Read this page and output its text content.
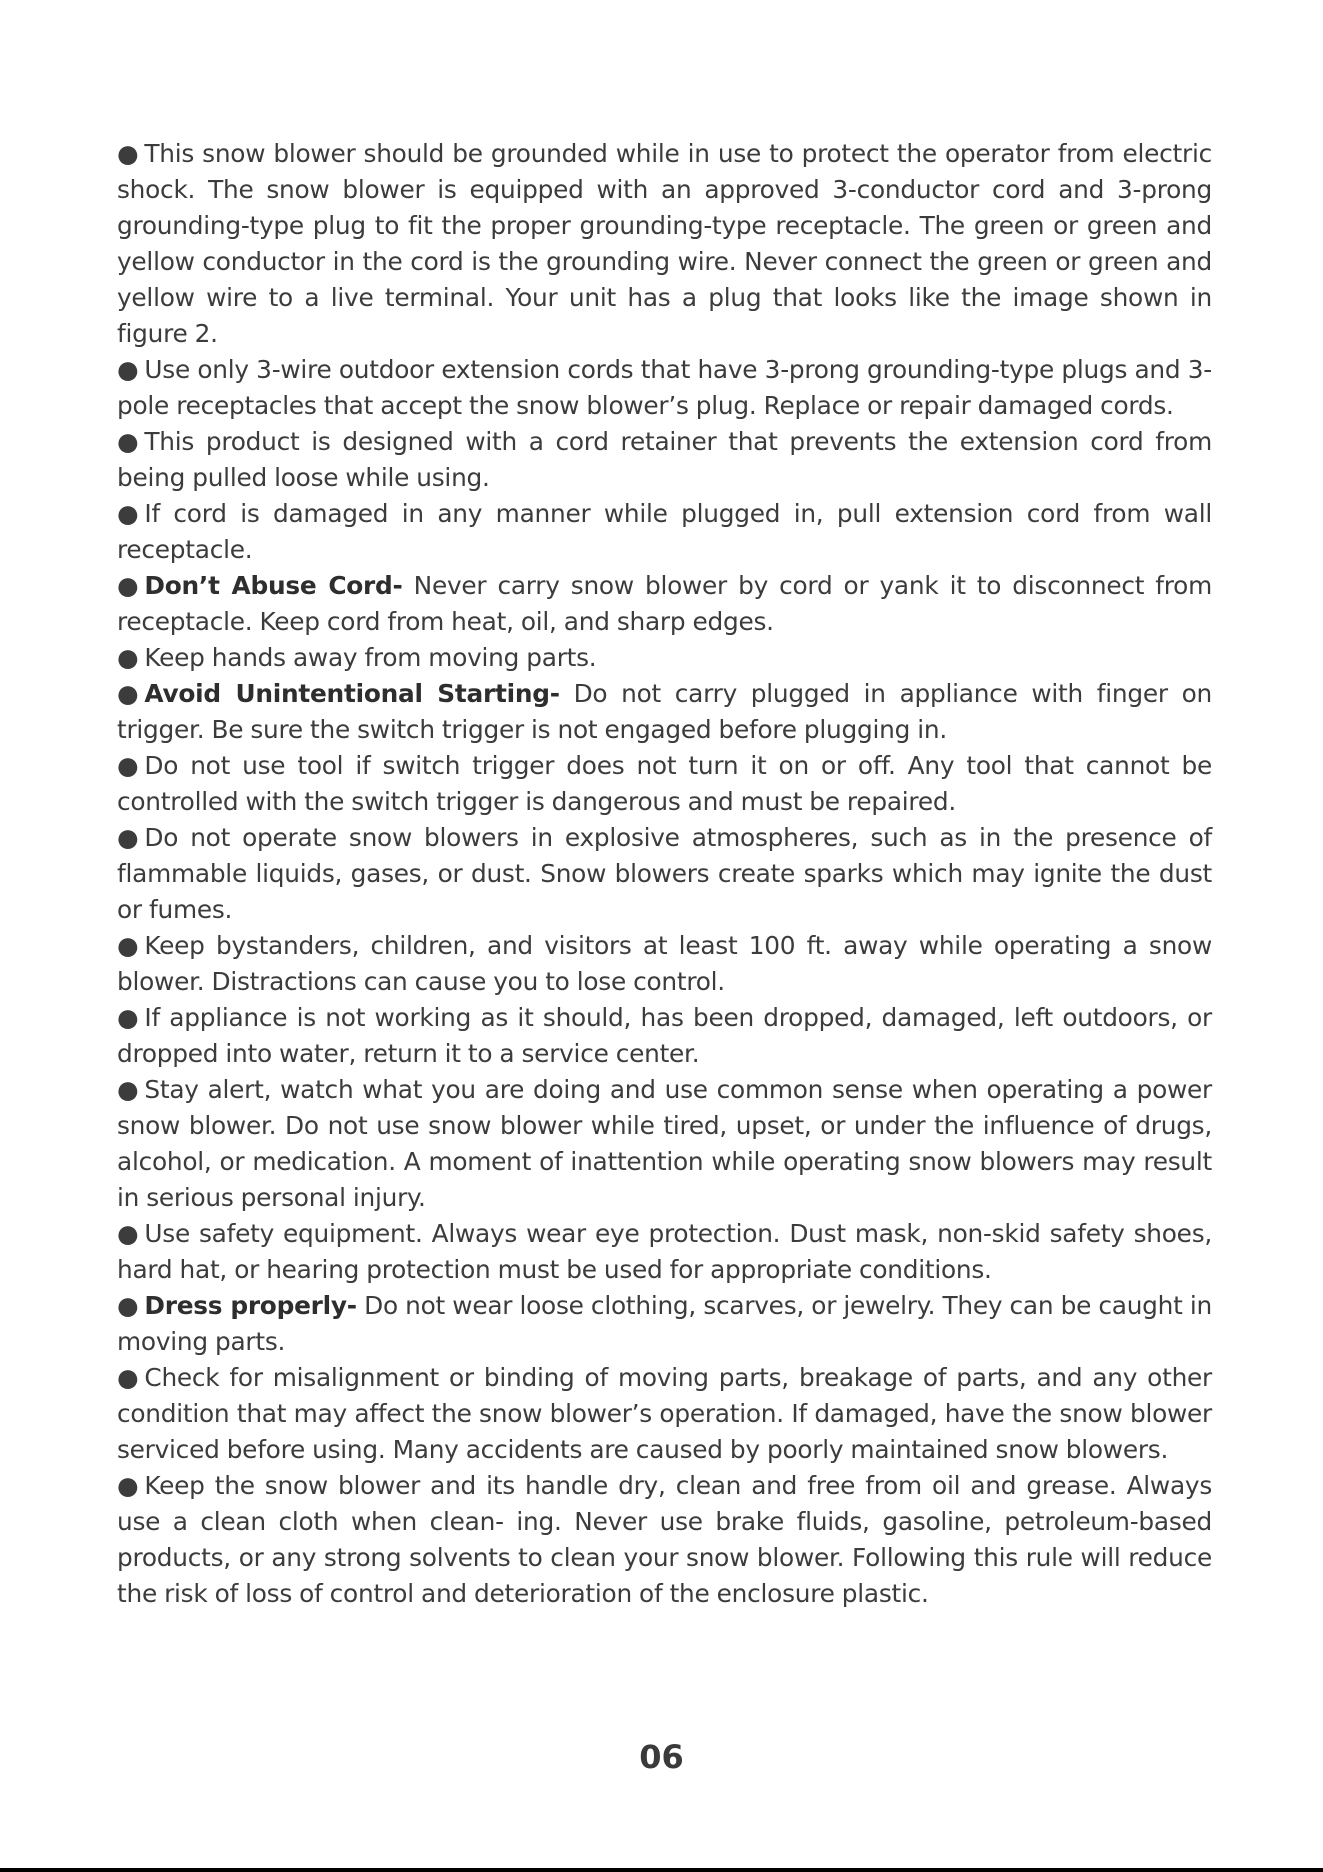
● This snow blower should be grounded while in use to protect the operator from electric shock. The snow blower is equipped with an approved 3-conductor cord and 3-prong grounding-type plug to fit the proper grounding-type receptacle. The green or green and yellow conductor in the cord is the grounding wire. Never connect the green or green and yellow wire to a live terminal. Your unit has a plug that looks like the image shown in figure 2.

● Use only 3-wire outdoor extension cords that have 3-prong grounding-type plugs and 3-pole receptacles that accept the snow blower’s plug. Replace or repair damaged cords.

● This product is designed with a cord retainer that prevents the extension cord from being pulled loose while using.

● If cord is damaged in any manner while plugged in, pull extension cord from wall receptacle.

● Don’t Abuse Cord- Never carry snow blower by cord or yank it to disconnect from receptacle. Keep cord from heat, oil, and sharp edges.

● Keep hands away from moving parts.

● Avoid Unintentional Starting- Do not carry plugged in appliance with finger on trigger. Be sure the switch trigger is not engaged before plugging in.

● Do not use tool if switch trigger does not turn it on or off. Any tool that cannot be controlled with the switch trigger is dangerous and must be repaired.

● Do not operate snow blowers in explosive atmospheres, such as in the presence of flammable liquids, gases, or dust. Snow blowers create sparks which may ignite the dust or fumes.

● Keep bystanders, children, and visitors at least 100 ft. away while operating a snow blower. Distractions can cause you to lose control.

● If appliance is not working as it should, has been dropped, damaged, left outdoors, or dropped into water, return it to a service center.

● Stay alert, watch what you are doing and use common sense when operating a power snow blower. Do not use snow blower while tired, upset, or under the influence of drugs, alcohol, or medication. A moment of inattention while operating snow blowers may result in serious personal injury.

● Use safety equipment. Always wear eye protection. Dust mask, non-skid safety shoes, hard hat, or hearing protection must be used for appropriate conditions.

● Dress properly- Do not wear loose clothing, scarves, or jewelry. They can be caught in moving parts.

● Check for misalignment or binding of moving parts, breakage of parts, and any other condition that may affect the snow blower’s operation. If damaged, have the snow blower serviced before using. Many accidents are caused by poorly maintained snow blowers.

● Keep the snow blower and its handle dry, clean and free from oil and grease. Always use a clean cloth when clean- ing. Never use brake fluids, gasoline, petroleum-based products, or any strong solvents to clean your snow blower. Following this rule will reduce the risk of loss of control and deterioration of the enclosure plastic.

06
